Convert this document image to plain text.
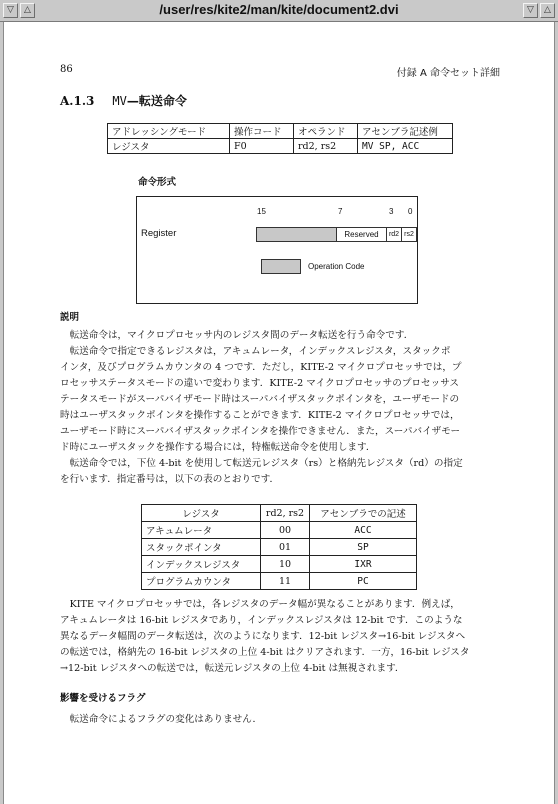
▽	△	/user/res/kite2/man/kite/document2.dvi	▽	△
86	付録 A 命令セット詳細
A.1.3 MV—転送命令
アドレッシングモード	操作コード	オペランド	アセンブラ記述例
レジスタ	F0	rd2, rs2	MV SP, ACC
命令形式
15	7	3 0
Register	Reserved	rd2 rs2
Operation Code
説明
　転送命令は，マイクロプロセッサ内のレジスタ間のデータ転送を行う命令です．
　転送命令で指定できるレジスタは，アキュムレータ，インデックスレジスタ，スタックポ
インタ，及びプログラムカウンタの 4 つです．ただし，KITE-2 マイクロプロセッサでは，プ
ロセッサステータスモードの違いで変わります．KITE-2 マイクロプロセッサのプロセッサス
テータスモードがスーパバイザモード時はスーパバイザスタックポインタを，ユーザモードの
時はユーザスタックポインタを操作することができます．KITE-2 マイクロプロセッサでは，
ユーザモード時にスーパバイザスタックポインタを操作できません．また，スーパバイザモー
ド時にユーザスタックを操作する場合には，特権転送命令を使用します．
　転送命令では，下位 4-bit を使用して転送元レジスタ（rs）と格納先レジスタ（rd）の指定
を行います．指定番号は，以下の表のとおりです．
レジスタ	rd2, rs2	アセンブラでの記述
アキュムレータ	00	ACC
スタックポインタ	01	SP
インデックスレジスタ	10	IXR
プログラムカウンタ	11	PC
　KITE マイクロプロセッサでは，各レジスタのデータ幅が異なることがあります．例えば，
アキュムレータは 16-bit レジスタであり，インデックスレジスタは 12-bit です．このような
異なるデータ幅間のデータ転送は，次のようになります．12-bit レジスタ→16-bit レジスタへ
の転送では，格納先の 16-bit レジスタの上位 4-bit はクリアされます．一方，16-bit レジスタ
→12-bit レジスタへの転送では，転送元レジスタの上位 4-bit は無視されます．
影響を受けるフラグ
　転送命令によるフラグの変化はありません．
